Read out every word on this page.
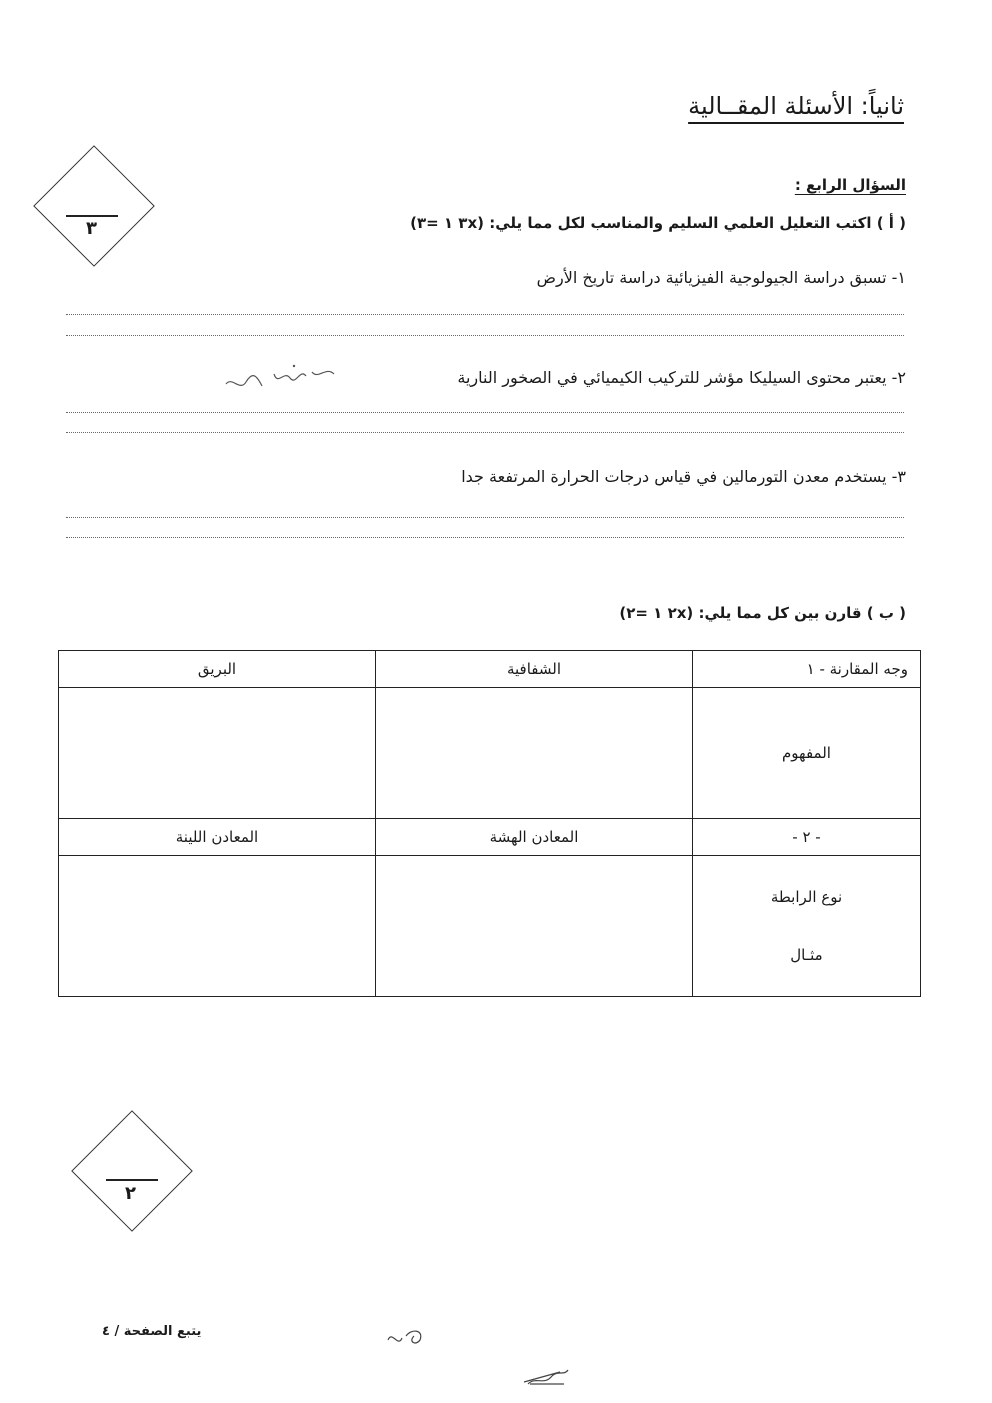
ثانياً: الأسئلة المقــالية
٣
السؤال الرابع :
( أ ) اكتب التعليل العلمي السليم والمناسب لكل مما يلي: (٣x ١ =٣)
١- تسبق دراسة الجيولوجية الفيزيائية دراسة تاريخ الأرض
٢- يعتبر محتوى السيليكا مؤشر للتركيب الكيميائي في الصخور النارية
٣- يستخدم معدن التورمالين في قياس درجات الحرارة المرتفعة جدا
( ب ) قارن بين كل مما يلي: (٢x ١ =٢)
وجه المقارنة - ١	الشفافية	البريق
المفهوم		
- ٢ -	المعادن الهشة	المعادن اللينة

نوع الرابطة
مثـال		

٢
يتبع الصفحة / ٤
